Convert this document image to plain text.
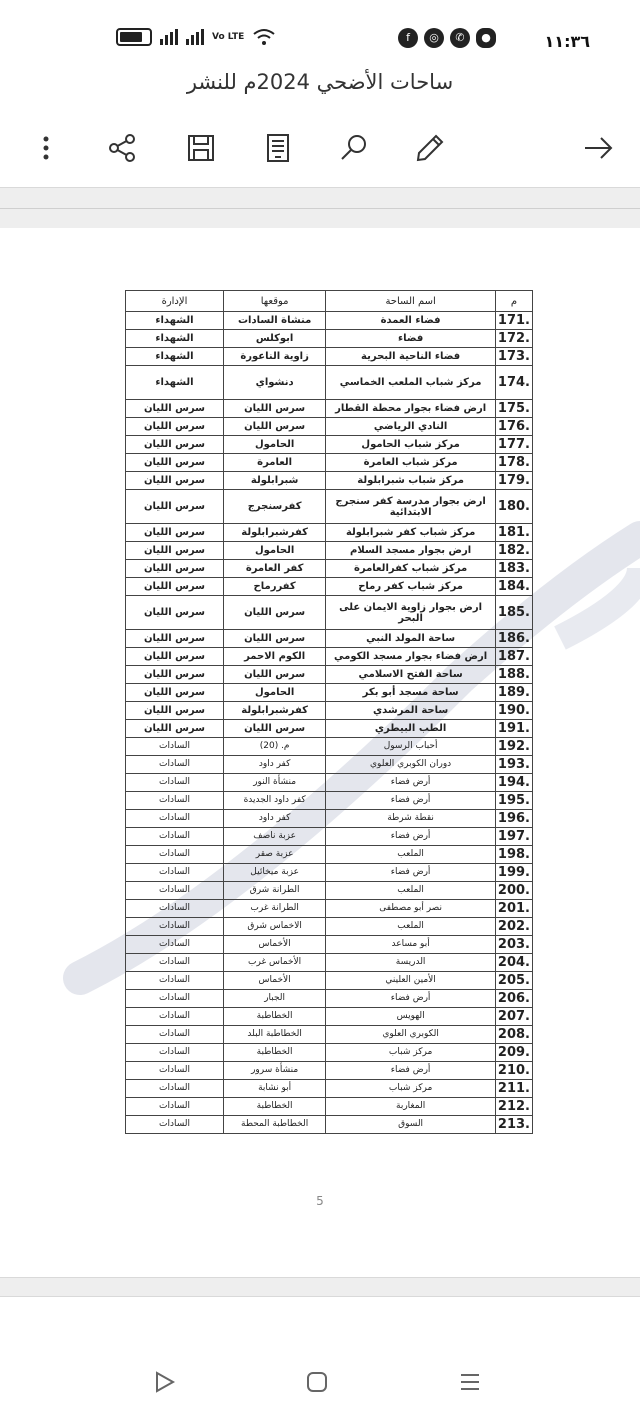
Vo LTE	f	◎	✆	●	١١:٣٦
ساحات الأضحي 2024م للنشر
م	اسم الساحة	موقعها	الإدارة
171.	فضاء العمدة	منشاة السادات	الشهداء
172.	فضاء	ابوكلس	الشهداء
173.	فضاء الناحية البحرية	زاوية الناعورة	الشهداء
174.	مركز شباب الملعب الخماسي	دنشواي	الشهداء
175.	ارض فضاء بجوار محطة القطار	سرس الليان	سرس الليان
176.	النادي الرياضي	سرس الليان	سرس الليان
177.	مركز شباب الحامول	الحامول	سرس الليان
178.	مركز شباب العامرة	العامرة	سرس الليان
179.	مركز شباب شبرابلولة	شبرابلولة	سرس الليان
180.	ارض بجوار مدرسة كفر سنجرج الابتدائية	كفرسنجرج	سرس الليان
181.	مركز شباب كفر شبرابلولة	كفرشبرابلولة	سرس الليان
182.	ارض بجوار مسجد السلام	الحامول	سرس الليان
183.	مركز شباب كفرالعامرة	كفر العامرة	سرس الليان
184.	مركز شباب كفر رماح	كفررماح	سرس الليان
185.	ارض بجوار زاوية الايمان على البحر	سرس الليان	سرس الليان
186.	ساحة المولد النبي	سرس الليان	سرس الليان
187.	ارض فضاء بجوار مسجد الكومي	الكوم الاحمر	سرس الليان
188.	ساحة الفتح الاسلامي	سرس الليان	سرس الليان
189.	ساحة مسجد أبو بكر	الحامول	سرس الليان
190.	ساحة المرشدي	كفرشبرابلولة	سرس الليان
191.	الطب البيطري	سرس الليان	سرس الليان
192.	أحباب الرسول	م. (20)	السادات
193.	دوران الكوبري العلوي	كفر داود	السادات
194.	أرض فضاء	منشأة النور	السادات
195.	أرض فضاء	كفر داود الجديدة	السادات
196.	نقطة شرطة	كفر داود	السادات
197.	أرض فضاء	عزبة ناصف	السادات
198.	الملعب	عزبة صقر	السادات
199.	أرض فضاء	عزبة ميخائيل	السادات
200.	الملعب	الطرانة شرق	السادات
201.	نصر أبو مصطفى	الطرانة غرب	السادات
202.	الملعب	الاخماس شرق	السادات
203.	أبو مساعد	الأخماس	السادات
204.	الدريسة	الأخماس غرب	السادات
205.	الأمين العليني	الأخماس	السادات
206.	أرض فضاء	الجبار	السادات
207.	الهويس	الخطاطبة	السادات
208.	الكوبري العلوي	الخطاطبة البلد	السادات
209.	مركز شباب	الخطاطبة	السادات
210.	أرض فضاء	منشأة سرور	السادات
211.	مركز شباب	أبو نشابة	السادات
212.	المغاربة	الخطاطبة	السادات
213.	السوق	الخطاطبة المحطة	السادات
5
